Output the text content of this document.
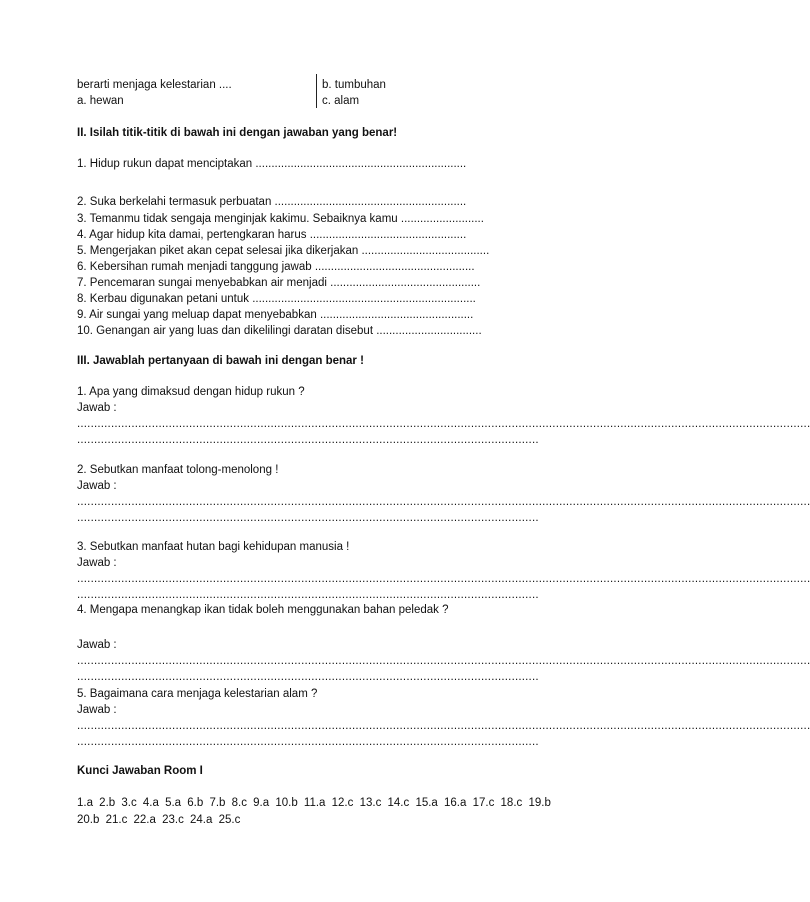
berarti menjaga kelestarian ....
a. hewan
b. tumbuhan
c. alam
II. Isilah titik-titik di bawah ini dengan jawaban yang benar!
1. Hidup rukun dapat menciptakan ..................................................................
2. Suka berkelahi termasuk perbuatan ............................................................
3. Temanmu tidak sengaja menginjak kakimu. Sebaiknya kamu ..........................
4. Agar hidup kita damai, pertengkaran harus .................................................
5. Mengerjakan piket akan cepat selesai jika dikerjakan ........................................
6. Kebersihan rumah menjadi tanggung jawab ..................................................
7. Pencemaran sungai menyebabkan air menjadi ...............................................
8. Kerbau digunakan petani untuk ......................................................................
9. Air sungai yang meluap dapat menyebabkan ................................................
10. Genangan air yang luas dan dikelilingi daratan disebut .................................
III. Jawablah pertanyaan di bawah ini dengan benar !
1. Apa yang dimaksud dengan hidup rukun ?
Jawab :
........................................................................................................................................................................................................................
........................................................................................................................................
2. Sebutkan manfaat tolong-menolong !
Jawab :
........................................................................................................................................................................................................................
........................................................................................................................................
3. Sebutkan manfaat hutan bagi kehidupan manusia !
Jawab :
........................................................................................................................................................................................................................
........................................................................................................................................
4. Mengapa menangkap ikan tidak boleh menggunakan bahan peledak ?
Jawab :
........................................................................................................................................................................................................................
........................................................................................................................................
5. Bagaimana cara menjaga kelestarian alam ?
Jawab :
........................................................................................................................................................................................................................
........................................................................................................................................
Kunci Jawaban Room I
1.a 2.b 3.c 4.a 5.a 6.b 7.b 8.c 9.a 10.b 11.a 12.c 13.c 14.c 15.a 16.a 17.c 18.c 19.b 20.b 21.c 22.a 23.c 24.a 25.c
